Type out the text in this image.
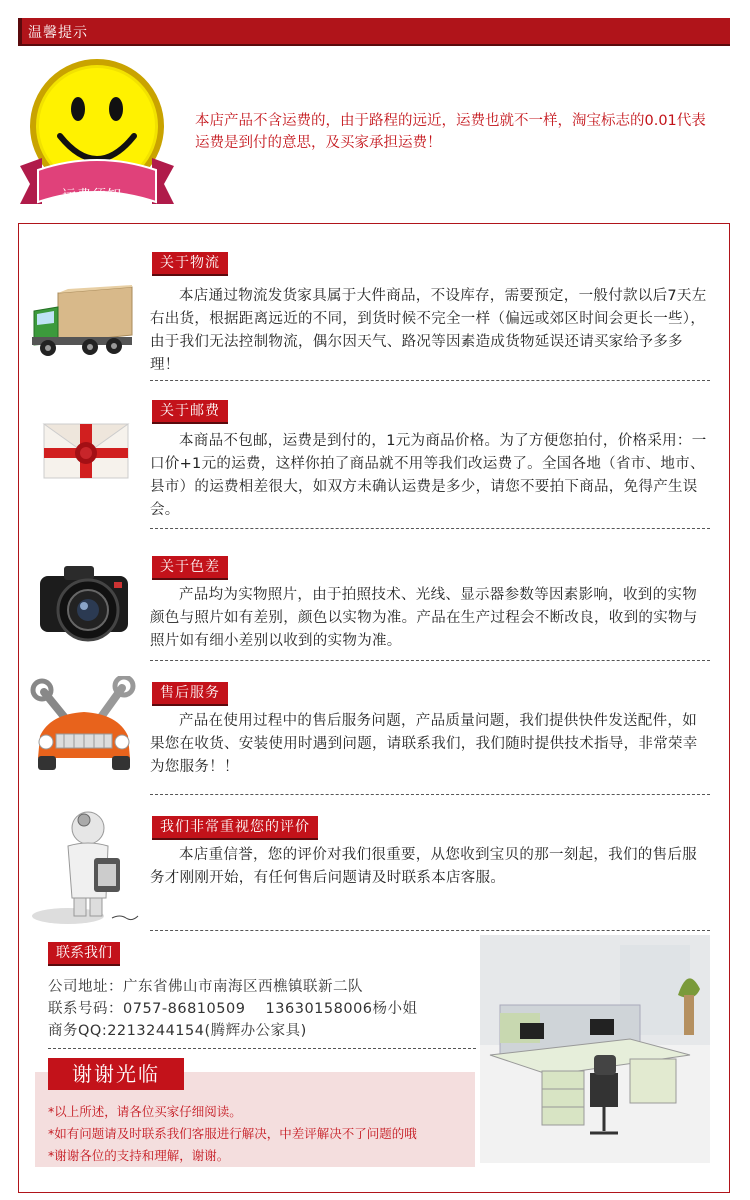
温馨提示
运费须知
本店产品不含运费的，由于路程的远近，运费也就不一样，淘宝标志的0.01代表运费是到付的意思，及买家承担运费！
关于物流
本店通过物流发货家具属于大件商品，不设库存，需要预定，一般付款以后7天左右出货，根据距离远近的不同，到货时候不完全一样（偏远或郊区时间会更长一些），由于我们无法控制物流，偶尔因天气、路况等因素造成货物延误还请买家给予多多理！
关于邮费
本商品不包邮，运费是到付的，1元为商品价格。为了方便您拍付，价格采用：一口价+1元的运费，这样你拍了商品就不用等我们改运费了。全国各地（省市、地市、县市）的运费相差很大，如双方未确认运费是多少，请您不要拍下商品，免得产生误会。
关于色差
产品均为实物照片，由于拍照技术、光线、显示器参数等因素影响，收到的实物颜色与照片如有差别，颜色以实物为准。产品在生产过程会不断改良，收到的实物与照片如有细小差别以收到的实物为准。
售后服务
产品在使用过程中的售后服务问题，产品质量问题，我们提供快件发送配件，如果您在收货、安装使用时遇到问题，请联系我们，我们随时提供技术指导，非常荣幸为您服务！！
我们非常重视您的评价
本店重信誉，您的评价对我们很重要，从您收到宝贝的那一刻起，我们的售后服务才刚刚开始，有任何售后问题请及时联系本店客服。
联系我们
公司地址：广东省佛山市南海区西樵镇联新二队
联系号码：0757-86810509　 13630158006杨小姐
商务QQ:2213244154(腾辉办公家具)
谢谢光临
*以上所述，请各位买家仔细阅读。
*如有问题请及时联系我们客服进行解决，中差评解决不了问题的哦
*谢谢各位的支持和理解，谢谢。
